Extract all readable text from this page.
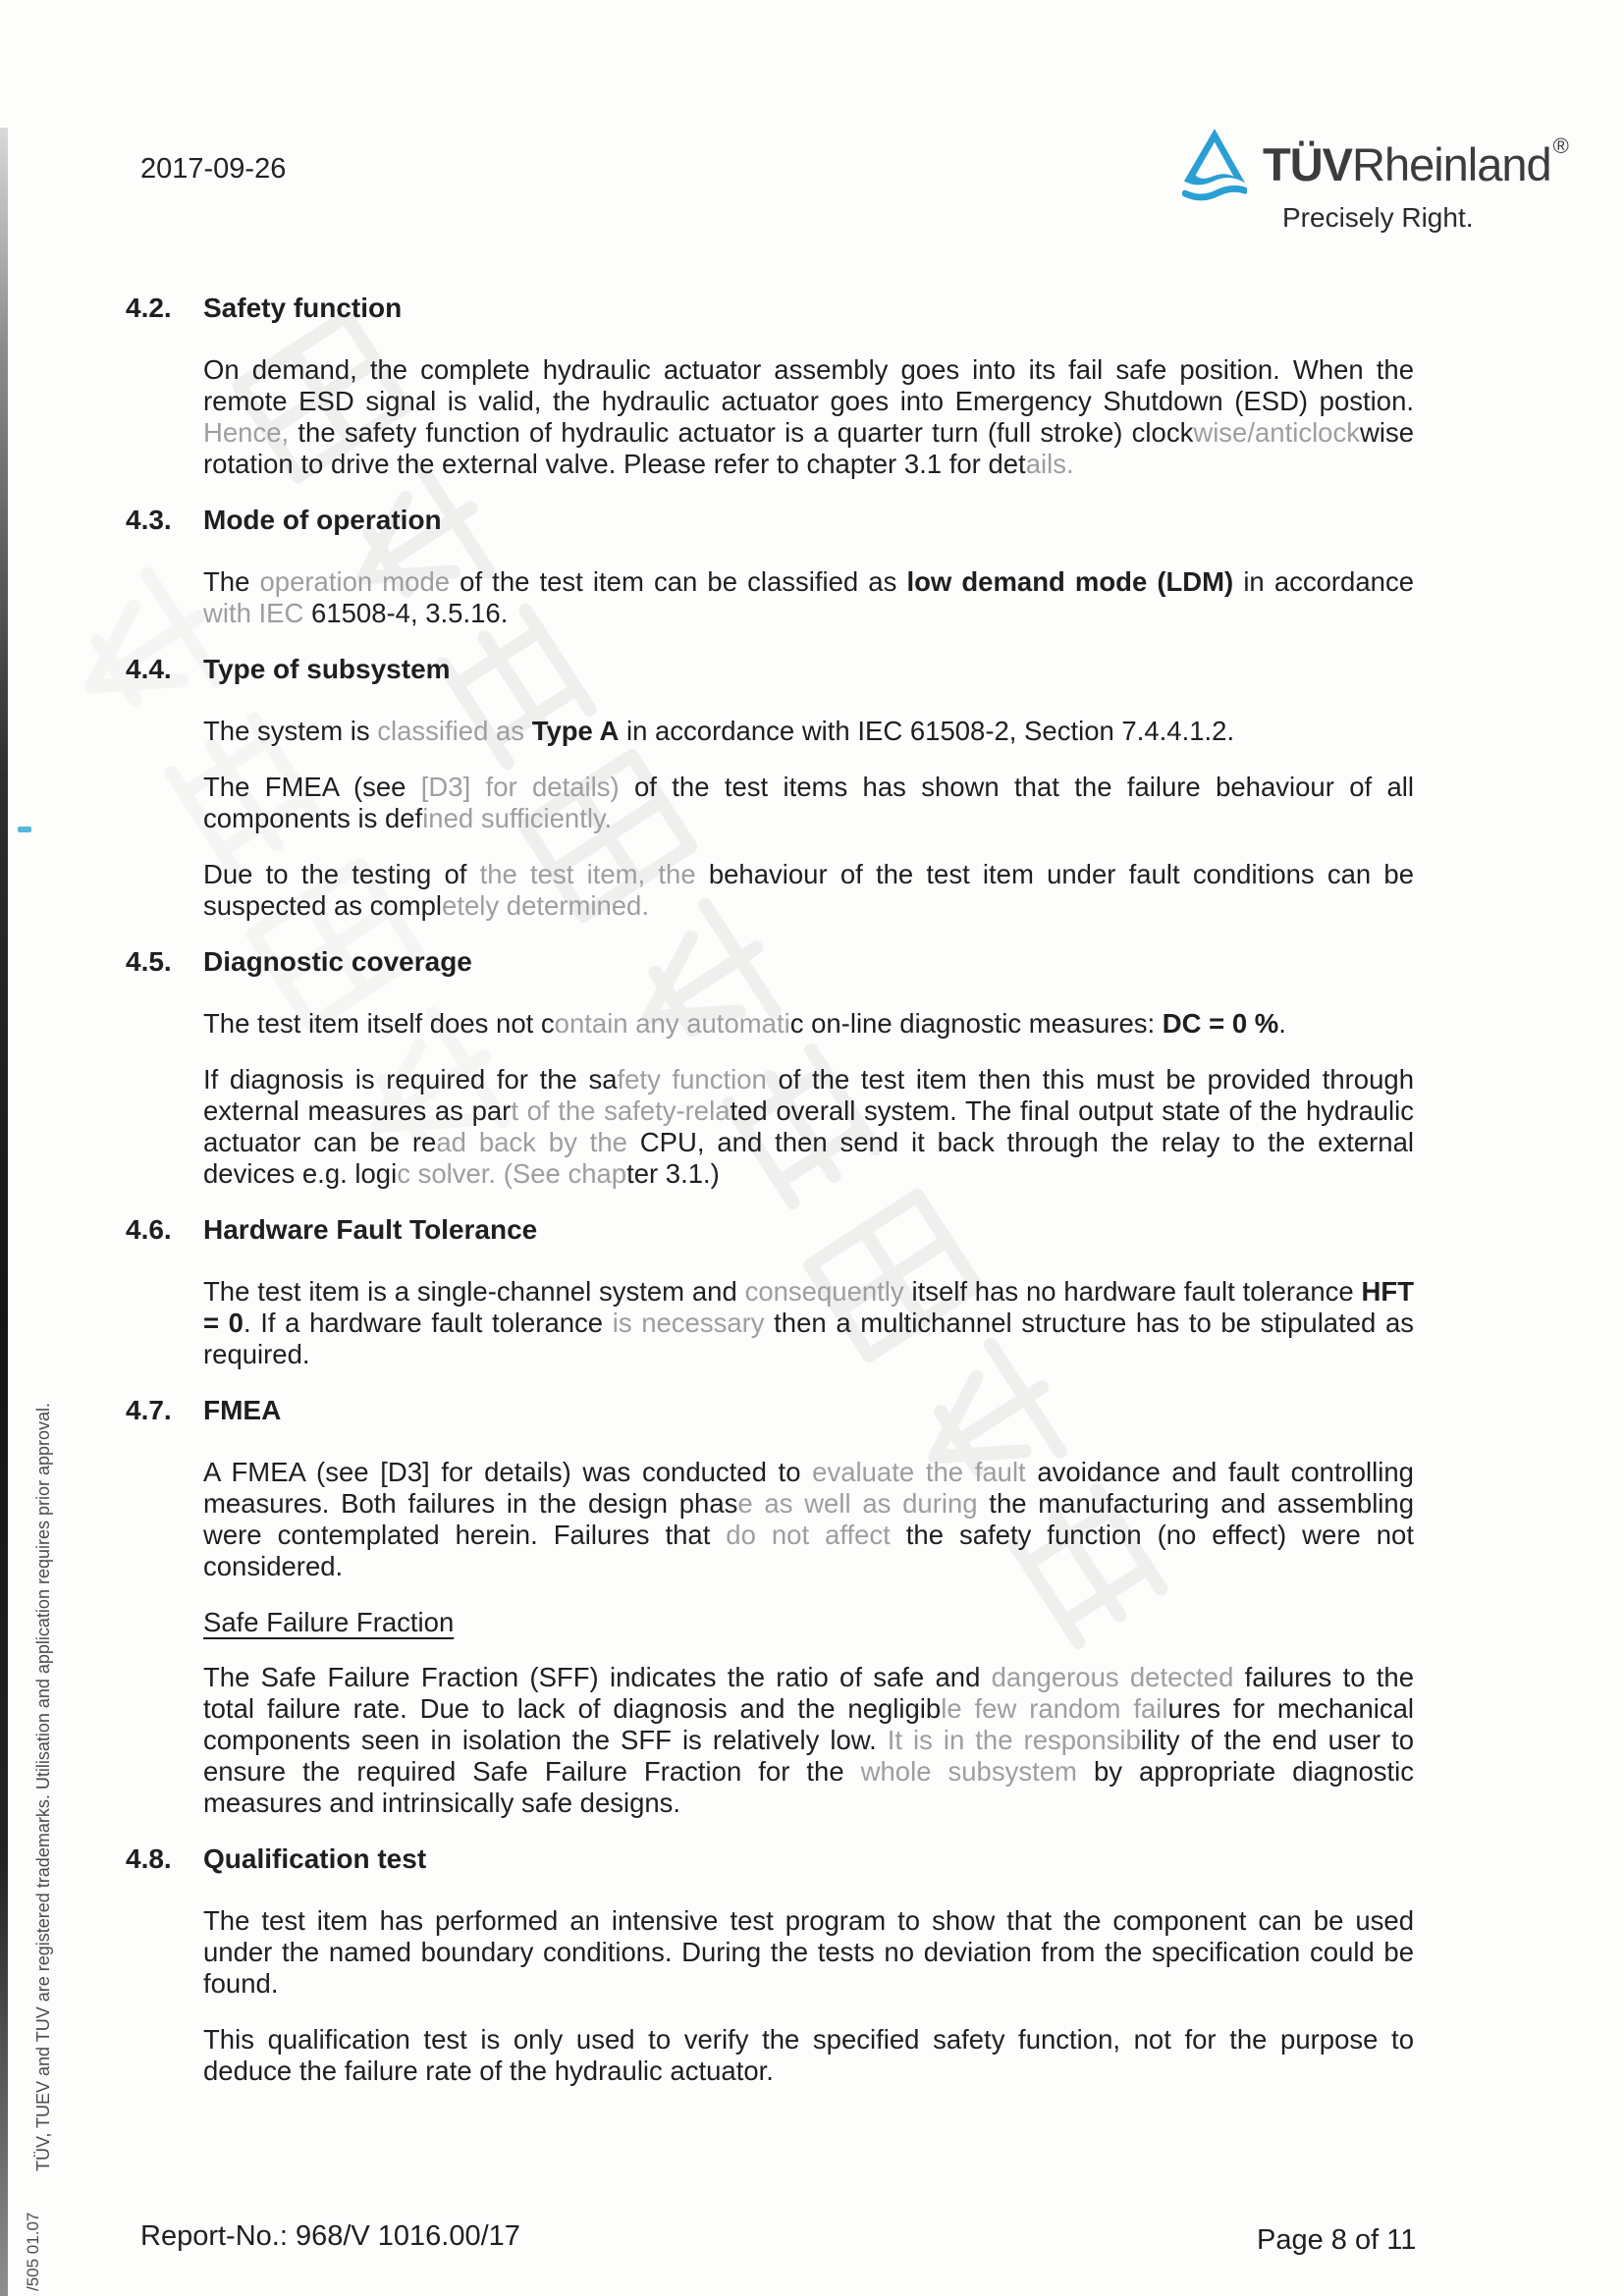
2017-09-26	TÜVRheinland®
Precisely Right.
4.2.	Safety function

On demand, the complete hydraulic actuator assembly goes into its fail safe position. When the remote ESD signal is valid, the hydraulic actuator goes into Emergency Shutdown (ESD) postion. Hence, the safety function of hydraulic actuator is a quarter turn (full stroke) clockwise/anticlockwise rotation to drive the external valve. Please refer to chapter 3.1 for details.

4.3.	Mode of operation

The operation mode of the test item can be classified as low demand mode (LDM) in accordance with IEC 61508-4, 3.5.16.

4.4.	Type of subsystem

The system is classified as Type A in accordance with IEC 61508-2, Section 7.4.4.1.2.

The FMEA (see [D3] for details) of the test items has shown that the failure behaviour of all components is defined sufficiently.

Due to the testing of the test item, the behaviour of the test item under fault conditions can be suspected as completely determined.

4.5.	Diagnostic coverage

The test item itself does not contain any automatic on-line diagnostic measures: DC = 0 %.

If diagnosis is required for the safety function of the test item then this must be provided through external measures as part of the safety-related overall system. The final output state of the hydraulic actuator can be read back by the CPU, and then send it back through the relay to the external devices e.g. logic solver. (See chapter 3.1.)

4.6.	Hardware Fault Tolerance

The test item is a single-channel system and consequently itself has no hardware fault tolerance HFT = 0. If a hardware fault tolerance is necessary then a multichannel structure has to be stipulated as required.

4.7.	FMEA

A FMEA (see [D3] for details) was conducted to evaluate the fault avoidance and fault controlling measures. Both failures in the design phase as well as during the manufacturing and assembling were contemplated herein. Failures that do not affect the safety function (no effect) were not considered.

Safe Failure Fraction

The Safe Failure Fraction (SFF) indicates the ratio of safe and dangerous detected failures to the total failure rate. Due to lack of diagnosis and the negligible few random failures for mechanical components seen in isolation the SFF is relatively low. It is in the responsibility of the end user to ensure the required Safe Failure Fraction for the whole subsystem by appropriate diagnostic measures and intrinsically safe designs.

4.8.	Qualification test

The test item has performed an intensive test program to show that the component can be used under the named boundary conditions. During the tests no deviation from the specification could be found.

This qualification test is only used to verify the specified safety function, not for the purpose to deduce the failure rate of the hydraulic actuator.

TÜV, TUEV and TUV are registered trademarks. Utilisation and application requires prior approval.
/505 01.07	Report-No.: 968/V 1016.00/17	Page 8 of 11
